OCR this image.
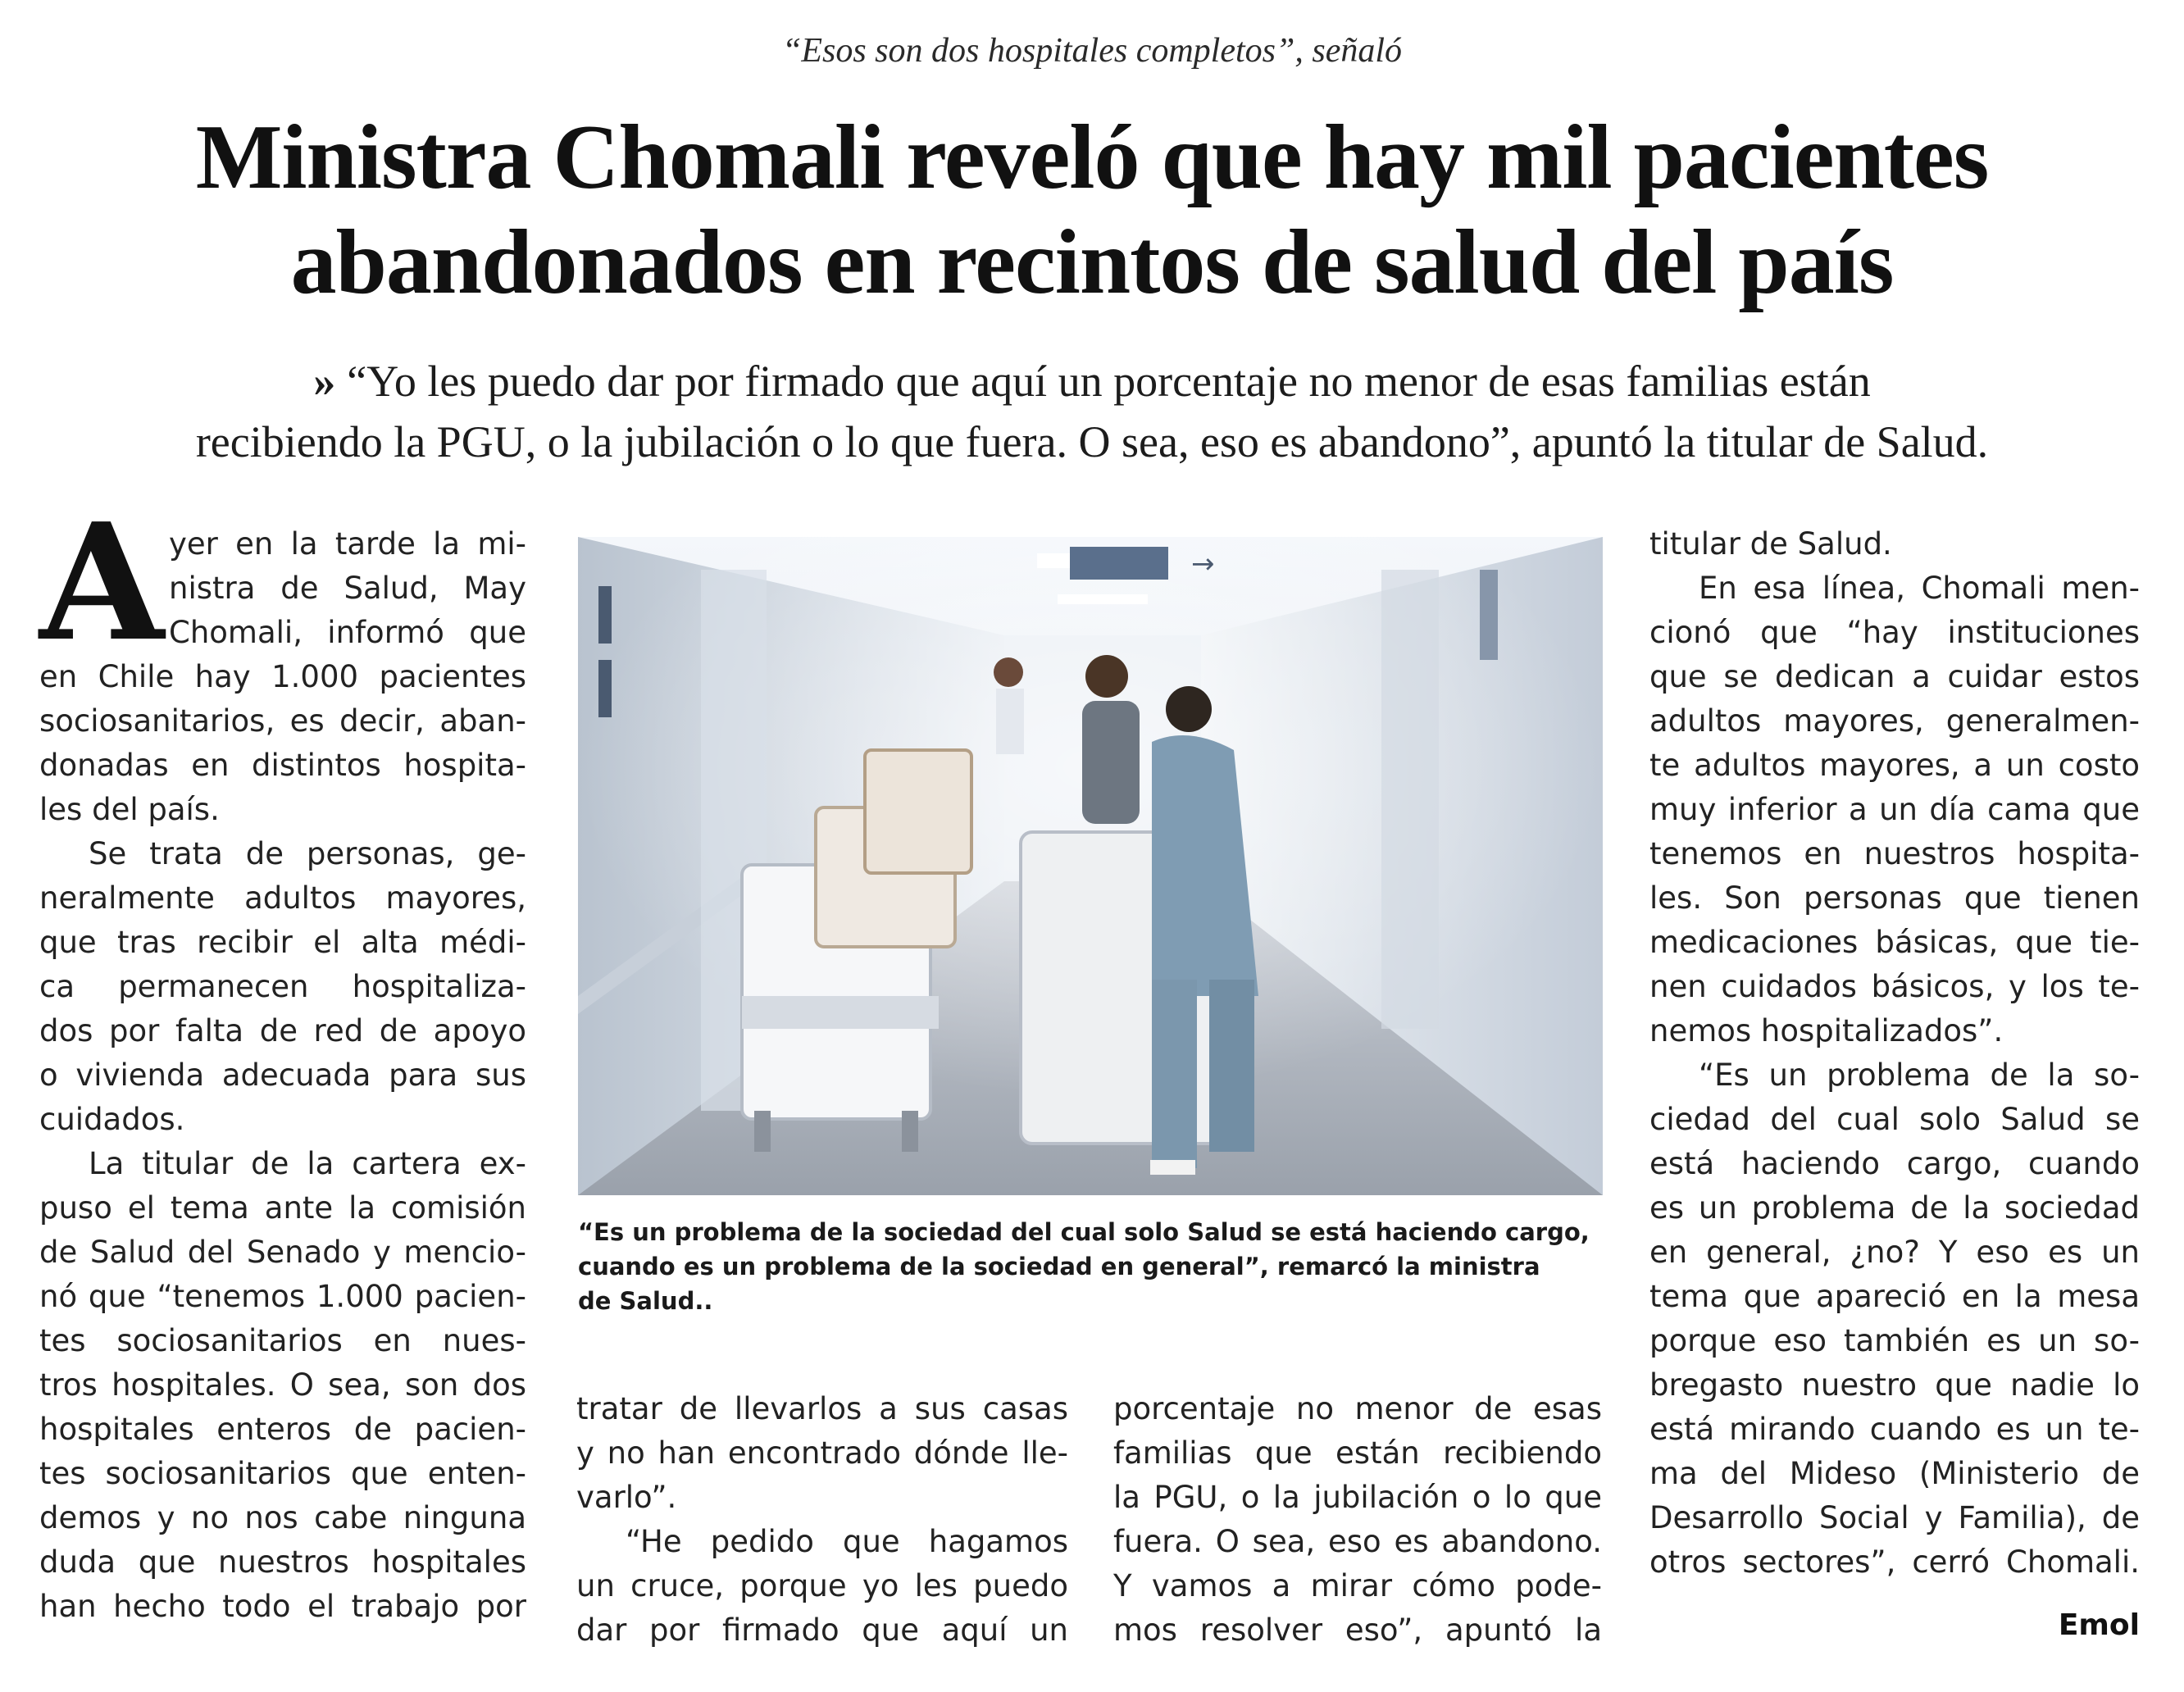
“Esos son dos hospitales completos”, señaló
Ministra Chomali reveló que hay mil pacientes
abandonados en recintos de salud del país
» “Yo les puedo dar por firmado que aquí un porcentaje no menor de esas familias están
recibiendo la PGU, o la jubilación o lo que fuera. O sea, eso es abandono”, apuntó la titular de Salud.
A yer en la tarde la mi-
nistra de Salud, May
Chomali, informó que
en Chile hay 1.000 pacientes
sociosanitarios, es decir, aban-
donadas en distintos hospita-
les del país.
Se trata de personas, ge-
neralmente adultos mayores,
que tras recibir el alta médi-
ca permanecen hospitaliza-
dos por falta de red de apoyo
o vivienda adecuada para sus
cuidados.
La titular de la cartera ex-
puso el tema ante la comisión
de Salud del Senado y mencio-
nó que “tenemos 1.000 pacien-
tes sociosanitarios en nues-
tros hospitales. O sea, son dos
hospitales enteros de pacien-
tes sociosanitarios que enten-
demos y no nos cabe ninguna
duda que nuestros hospitales
han hecho todo el trabajo por
→
“Es un problema de la sociedad del cual solo Salud se está haciendo cargo,
cuando es un problema de la sociedad en general”, remarcó la ministra
de Salud..
tratar de llevarlos a sus casas
y no han encontrado dónde lle-
varlo”.
“He pedido que hagamos
un cruce, porque yo les puedo
dar por firmado que aquí un
porcentaje no menor de esas
familias que están recibiendo
la PGU, o la jubilación o lo que
fuera. O sea, eso es abandono.
Y vamos a mirar cómo pode-
mos resolver eso”, apuntó la
titular de Salud.
En esa línea, Chomali men-
cionó que “hay instituciones
que se dedican a cuidar estos
adultos mayores, generalmen-
te adultos mayores, a un costo
muy inferior a un día cama que
tenemos en nuestros hospita-
les. Son personas que tienen
medicaciones básicas, que tie-
nen cuidados básicos, y los te-
nemos hospitalizados”.
“Es un problema de la so-
ciedad del cual solo Salud se
está haciendo cargo, cuando
es un problema de la sociedad
en general, ¿no? Y eso es un
tema que apareció en la mesa
porque eso también es un so-
bregasto nuestro que nadie lo
está mirando cuando es un te-
ma del Mideso (Ministerio de
Desarrollo Social y Familia), de
otros sectores”, cerró Chomali.
Emol
